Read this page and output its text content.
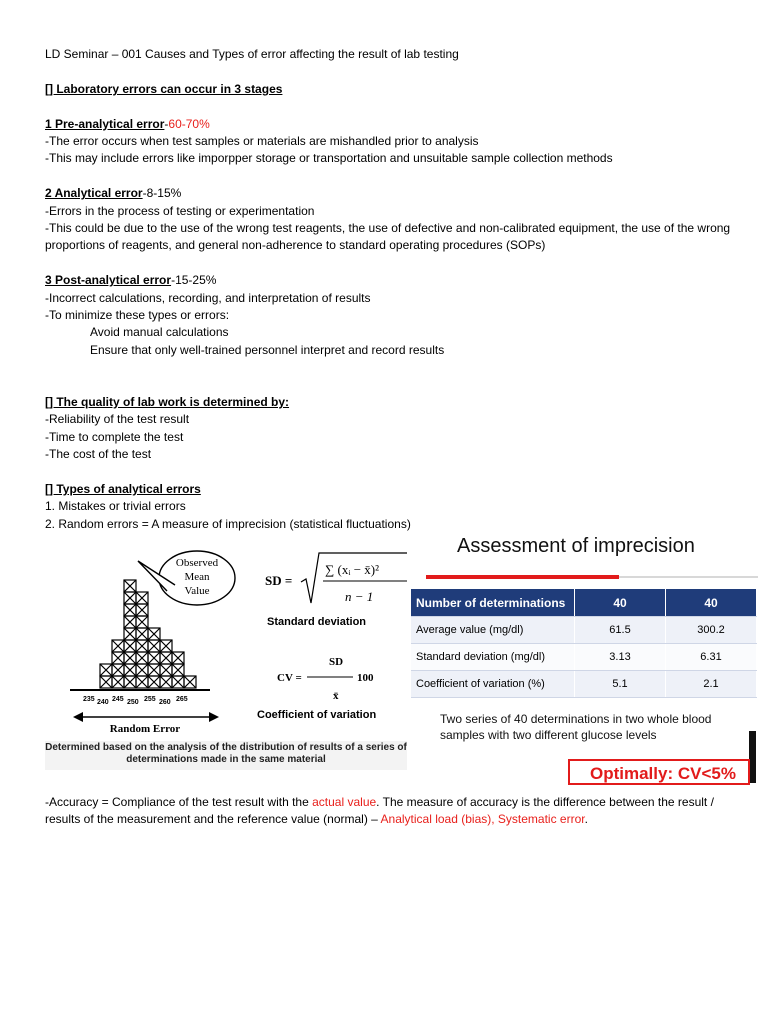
LD Seminar – 001 Causes and Types of error affecting the result of lab testing

[] Laboratory errors can occur in 3 stages

1 Pre-analytical error-60-70%

-The error occurs when test samples or materials are mishandled prior to analysis

-This may include errors like imporpper storage or transportation and unsuitable sample collection methods

2 Analytical error-8-15%

-Errors in the process of testing or experimentation

-This could be due to the use of the wrong test reagents, the use of defective and non-calibrated equipment, the use of the wrong proportions of reagents, and general non-adherence to standard operating procedures (SOPs)

3 Post-analytical error-15-25%

-Incorrect calculations, recording, and interpretation of results

-To minimize these types or errors:

Avoid manual calculations

Ensure that only well-trained personnel interpret and record results

[] The quality of lab work is determined by:

-Reliability of the test result

-Time to complete the test

-The cost of the test

[] Types of analytical errors

1. Mistakes or trivial errors

2. Random errors = A measure of imprecision (statistical fluctuations)

Observed
Mean
Value
235 240 245 250 255 260 265
Random Error
SD =
∑ (xᵢ − x̄)²
n − 1
Standard deviation
SD
CV =	100
x̄
Coefficient of variation
Determined based on the analysis of the distribution of results of a series of determinations made in the same material
Assessment of imprecision
Number of determinations	40	40
Average value (mg/dl)	61.5	300.2
Standard deviation (mg/dl)	3.13	6.31
Coefficient of variation (%)	5.1	2.1
Two series of 40 determinations in two whole blood samples with two different glucose levels
Optimally: CV<5%

-Accuracy = Compliance of the test result with the actual value. The measure of accuracy is the difference between the result / results of the measurement and the reference value (normal) – Analytical load (bias), Systematic error.
